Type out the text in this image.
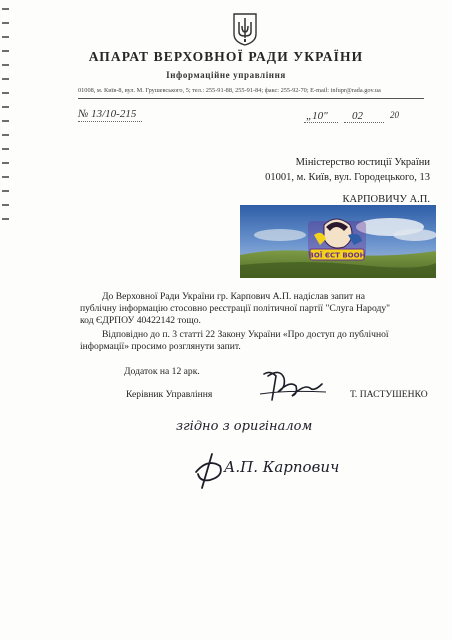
АПАРАТ ВЕРХОВНОЇ РАДИ УКРАЇНИ
Інформаційне управління
01008, м. Київ-8, вул. М. Грушевського, 5; тел.: 255-91-88, 255-91-84; факс: 255-92-70; E-mail: infupr@rada.gov.ua
№ 13/10-215	„10" 02	20
Міністерство юстиції України
01001, м. Київ, вул. Городецького, 13
КАРПОВИЧУ А.П.
ВОЇ ЄСТ ВООН
До Верховної Ради України гр. Карпович А.П. надіслав запит на
публічну інформацію стосовно реєстрації політичної партії "Слуга Народу"
код ЄДРПОУ 40422142 тощо.
Відповідно до п. 3 статті 22 Закону України «Про доступ до публічної
інформації» просимо розглянути запит.
Додаток на 12 арк.
Керівник Управління	Т. ПАСТУШЕНКО
згідно з оригіналом
А.П. Карпович
